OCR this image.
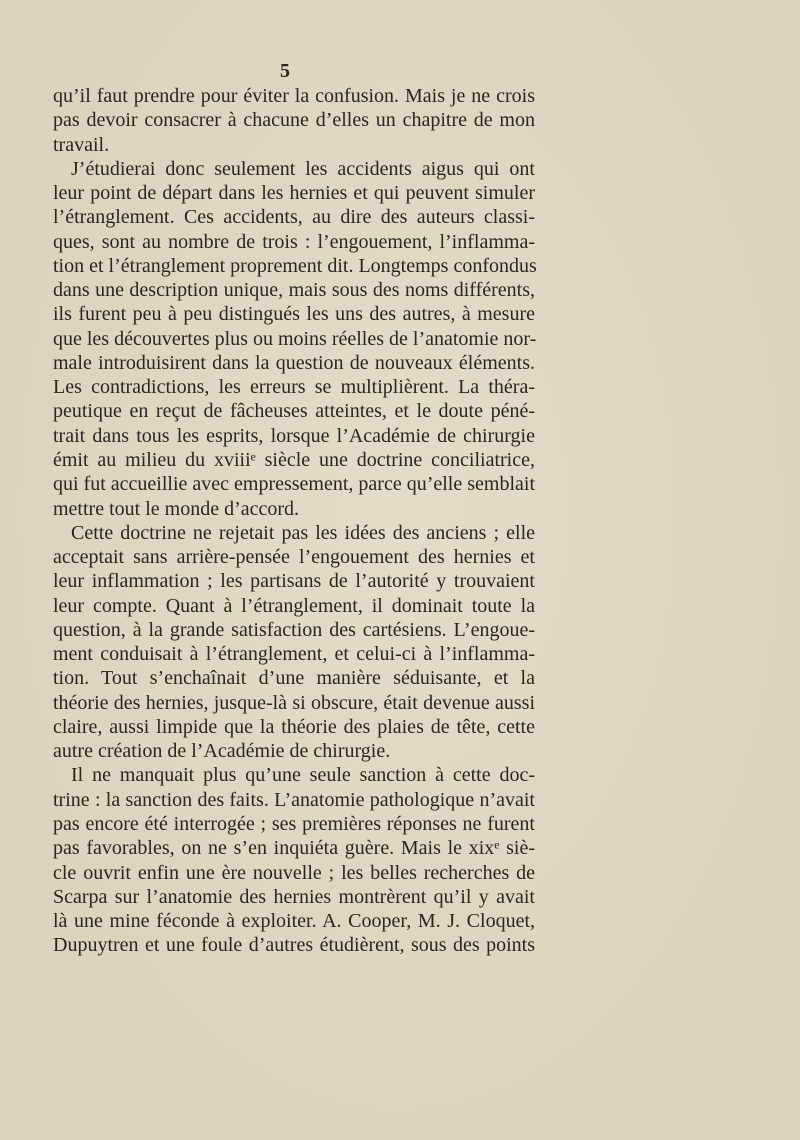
5
qu’il faut prendre pour éviter la confusion. Mais je ne crois
pas devoir consacrer à chacune d’elles un chapitre de mon
travail.
J’étudierai donc seulement les accidents aigus qui ont
leur point de départ dans les hernies et qui peuvent simuler
l’étranglement. Ces accidents, au dire des auteurs classi-
ques, sont au nombre de trois : l’engouement, l’inflamma-
tion et l’étranglement proprement dit. Longtemps confondus
dans une description unique, mais sous des noms différents,
ils furent peu à peu distingués les uns des autres, à mesure
que les découvertes plus ou moins réelles de l’anatomie nor-
male introduisirent dans la question de nouveaux éléments.
Les contradictions, les erreurs se multiplièrent. La théra-
peutique en reçut de fâcheuses atteintes, et le doute péné-
trait dans tous les esprits, lorsque l’Académie de chirurgie
émit au milieu du xviiiᵉ siècle une doctrine conciliatrice,
qui fut accueillie avec empressement, parce qu’elle semblait
mettre tout le monde d’accord.
Cette doctrine ne rejetait pas les idées des anciens ; elle
acceptait sans arrière-pensée l’engouement des hernies et
leur inflammation ; les partisans de l’autorité y trouvaient
leur compte. Quant à l’étranglement, il dominait toute la
question, à la grande satisfaction des cartésiens. L’engoue-
ment conduisait à l’étranglement, et celui-ci à l’inflamma-
tion. Tout s’enchaînait d’une manière séduisante, et la
théorie des hernies, jusque-là si obscure, était devenue aussi
claire, aussi limpide que la théorie des plaies de tête, cette
autre création de l’Académie de chirurgie.
Il ne manquait plus qu’une seule sanction à cette doc-
trine : la sanction des faits. L’anatomie pathologique n’avait
pas encore été interrogée ; ses premières réponses ne furent
pas favorables, on ne s’en inquiéta guère. Mais le xixᵉ siè-
cle ouvrit enfin une ère nouvelle ; les belles recherches de
Scarpa sur l’anatomie des hernies montrèrent qu’il y avait
là une mine féconde à exploiter. A. Cooper, M. J. Cloquet,
Dupuytren et une foule d’autres étudièrent, sous des points
